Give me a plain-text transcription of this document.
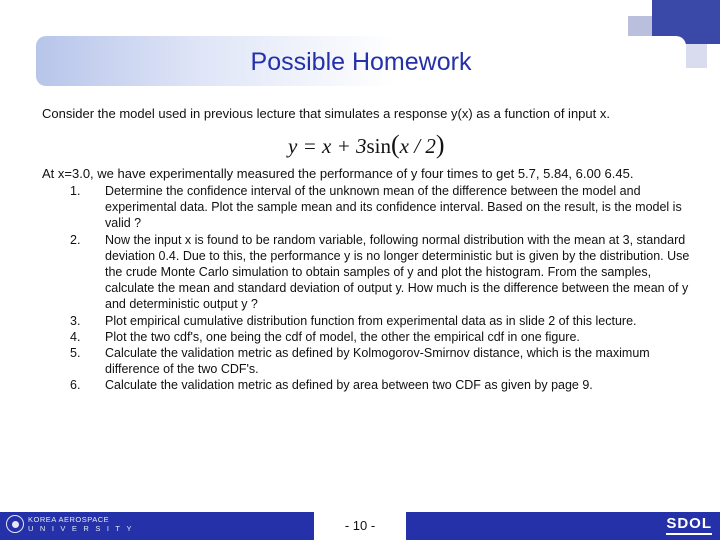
Possible Homework

Consider the model used in previous lecture that simulates a response y(x) as a function of input x.

y = x + 3sin(x / 2)

At x=3.0, we have experimentally measured the performance of y four times to get 5.7, 5.84, 6.00 6.45.

1.	Determine the confidence interval of the unknown mean of the difference between the model and experimental data. Plot the sample mean and its confidence interval. Based on the result, is the model is valid ?
2.	Now the input x is found to be random variable, following normal distribution with the mean at 3, standard deviation 0.4. Due to this, the performance y is no longer deterministic but is given by the distribution. Use the crude Monte Carlo simulation to obtain samples of y and plot the histogram. From the samples, calculate the mean and standard deviation of output y. How much is the difference between the mean of y and deterministic output y ?
3.	Plot empirical cumulative distribution function from experimental data as in slide 2 of this lecture.
4.	Plot the two cdf's, one being the cdf of model, the other the empirical cdf in one figure.
5.	Calculate the validation metric as defined by Kolmogorov-Smirnov distance, which is the maximum difference of the two CDF's.
6.	Calculate the validation metric as defined by area between two CDF as given by page 9.
KOREA AEROSPACE
UNIVERSITY	- 10 -	SDOL
